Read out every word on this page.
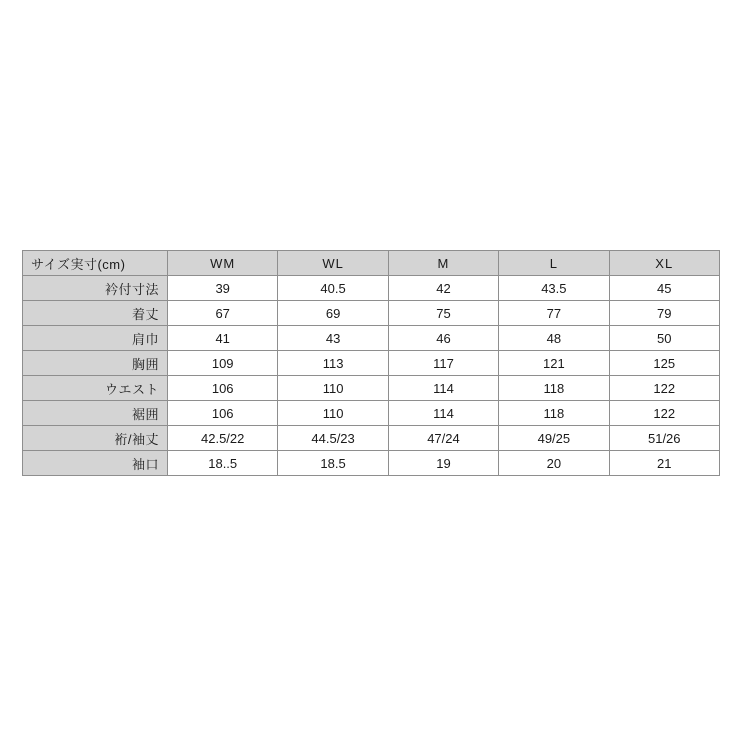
サイズ実寸(cm)	WM	WL	M	L	XL
衿付寸法	39	40.5	42	43.5	45
着丈	67	69	75	77	79
肩巾	41	43	46	48	50
胸囲	109	113	117	121	125
ウエスト	106	110	114	118	122
裾囲	106	110	114	118	122
裄/袖丈	42.5/22	44.5/23	47/24	49/25	51/26
袖口	18..5	18.5	19	20	21
